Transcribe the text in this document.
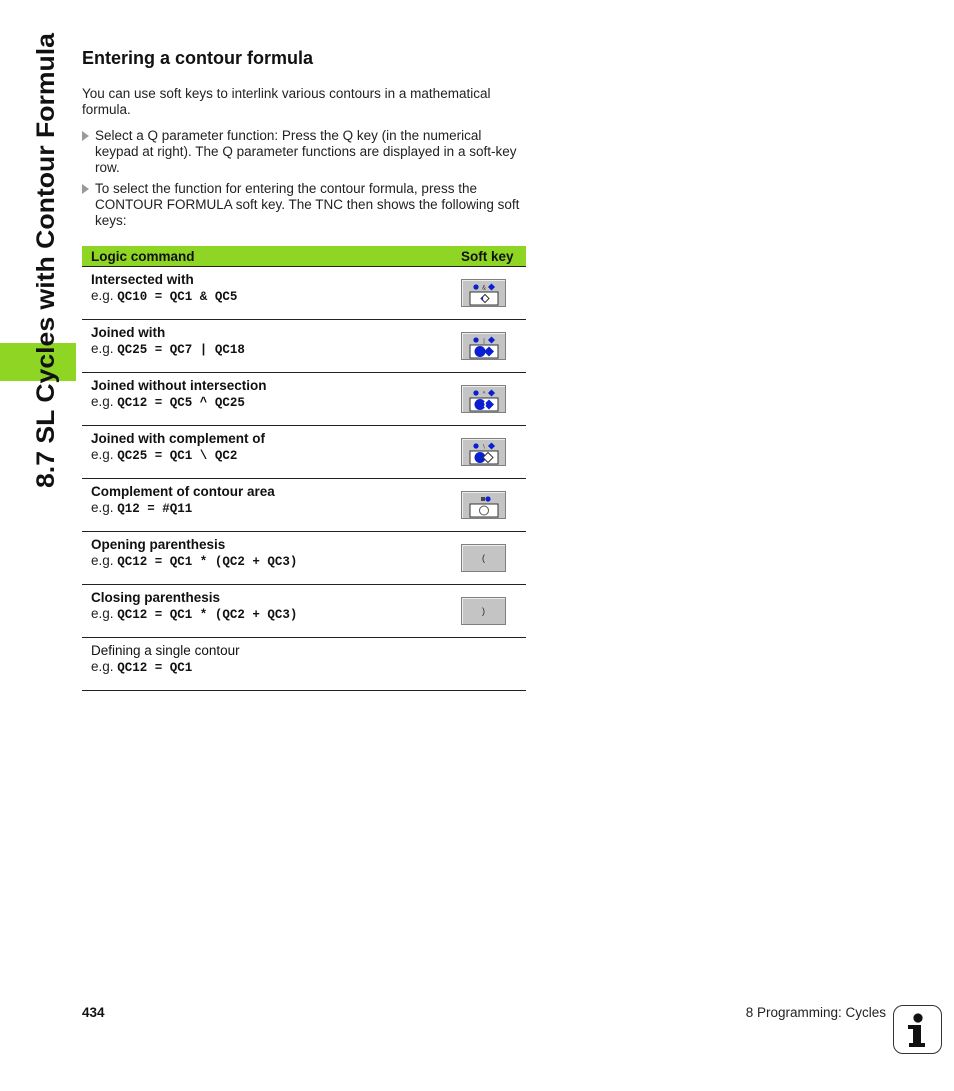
8.7 SL Cycles with Contour Formula
Entering a contour formula

You can use soft keys to interlink various contours in a mathematical formula.

Select a Q parameter function: Press the Q key (in the numerical keypad at right). The Q parameter functions are displayed in a soft-key row.

To select the function for entering the contour formula, press the CONTOUR FORMULA soft key. The TNC then shows the following soft keys:

Logic command	Soft key

Intersected with
e.g. QC10 = QC1 & QC5	&

Joined with
e.g. QC25 = QC7 | QC18	|

Joined without intersection
e.g. QC12 = QC5 ^ QC25	^

Joined with complement of
e.g. QC25 = QC1 \ QC2	\

Complement of contour area
e.g. Q12 = #Q11

Opening parenthesis
e.g. QC12 = QC1 * (QC2 + QC3)	(

Closing parenthesis
e.g. QC12 = QC1 * (QC2 + QC3)	)

Defining a single contour
e.g. QC12 = QC1	

434	8 Programming: Cycles
